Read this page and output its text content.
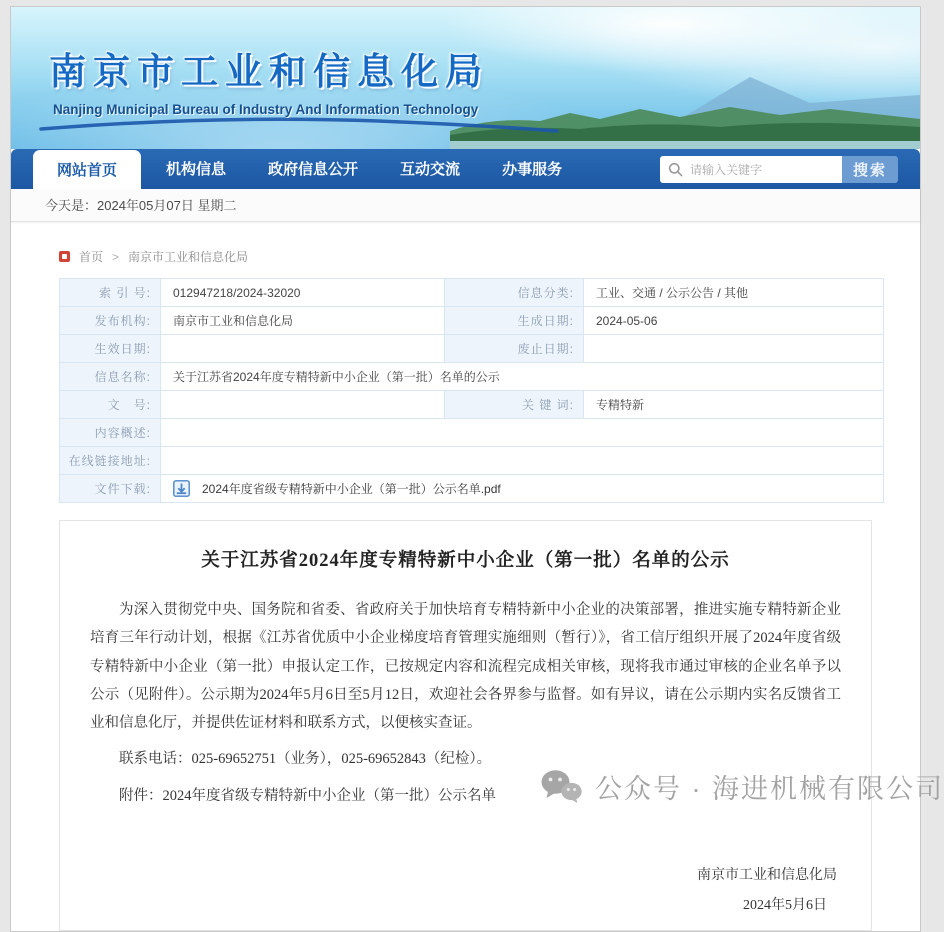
南京市工业和信息化局
Nanjing Municipal Bureau of Industry And Information Technology
网站首页	机构信息	政府信息公开	互动交流	办事服务
请输入关键字	搜索
今天是：2024年05月07日 星期二
首页 > 南京市工业和信息化局
索 引 号:	012947218/2024-32020	信息分类:	工业、交通 / 公示公告 / 其他
发布机构:	南京市工业和信息化局	生成日期:	2024-05-06
生效日期:		废止日期:	
信息名称:	关于江苏省2024年度专精特新中小企业（第一批）名单的公示		
文　号:		关 键 词:	专精特新
内容概述:			
在线链接地址:			
文件下载:	2024年度省级专精特新中小企业（第一批）公示名单.pdf		
关于江苏省2024年度专精特新中小企业（第一批）名单的公示

为深入贯彻党中央、国务院和省委、省政府关于加快培育专精特新中小企业的决策部署，推进实施专精特新企业培育三年行动计划，根据《江苏省优质中小企业梯度培育管理实施细则（暂行）》，省工信厅组织开展了2024年度省级专精特新中小企业（第一批）申报认定工作，已按规定内容和流程完成相关审核，现将我市通过审核的企业名单予以公示（见附件）。公示期为2024年5月6日至5月12日，欢迎社会各界参与监督。如有异议，请在公示期内实名反馈省工业和信息化厅，并提供佐证材料和联系方式，以便核实查证。

联系电话：025-69652751（业务），025-69652843（纪检）。
附件：2024年度省级专精特新中小企业（第一批）公示名单
南京市工业和信息化局
2024年5月6日
公众号 · 海进机械有限公司
